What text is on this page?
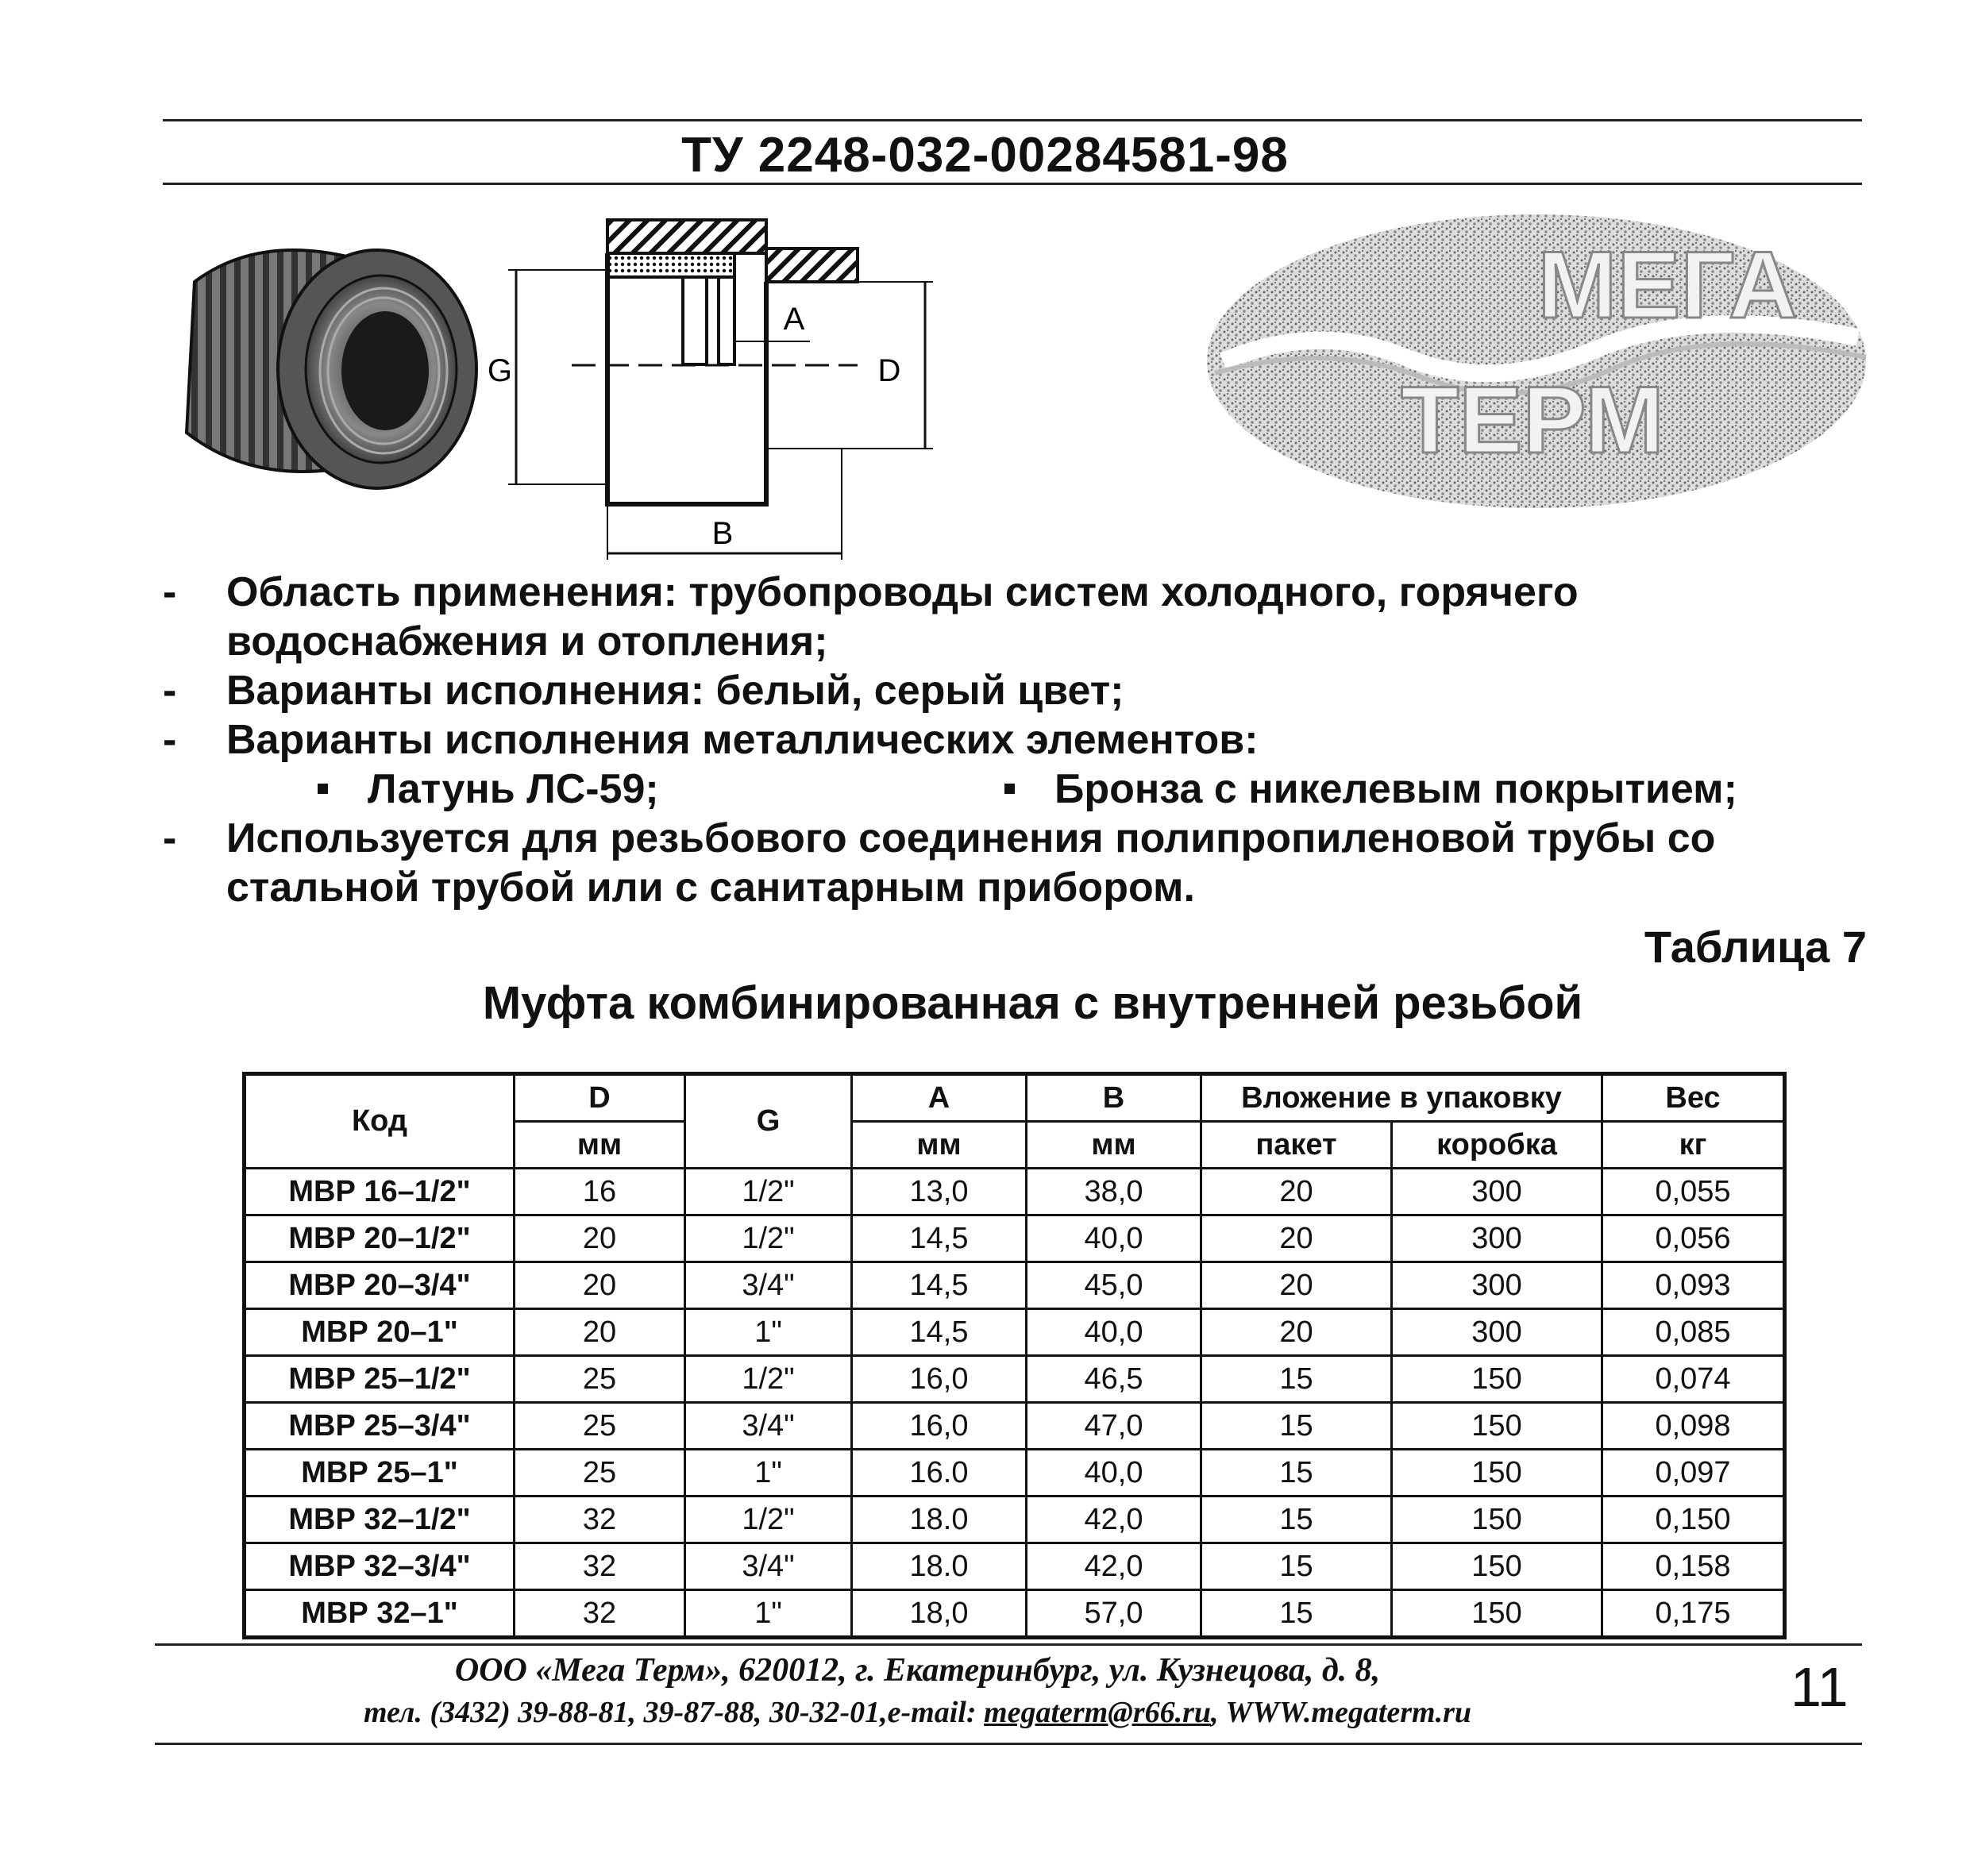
ТУ 2248-032-00284581-98
G	D
A
B
МЕГА
ТЕРМ
- Область применения: трубопроводы систем холодного, горячего
водоснабжения и отопления;
- Варианты исполнения: белый, серый цвет;
- Варианты исполнения металлических элементов:
Латунь ЛС-59;	Бронза с никелевым покрытием;
- Используется для резьбового соединения полипропиленовой трубы со
стальной трубой или с санитарным прибором.
Таблица 7
Муфта комбинированная с внутренней резьбой
Код	D	G	A	B	Вложение в упаковку		Вес
	мм		мм	мм	пакет	коробка	кг
МВР 16–1/2"	16	1/2"	13,0	38,0	20	300	0,055
МВР 20–1/2"	20	1/2"	14,5	40,0	20	300	0,056
МВР 20–3/4"	20	3/4"	14,5	45,0	20	300	0,093
МВР 20–1"	20	1"	14,5	40,0	20	300	0,085
МВР 25–1/2"	25	1/2"	16,0	46,5	15	150	0,074
МВР 25–3/4"	25	3/4"	16,0	47,0	15	150	0,098
МВР 25–1"	25	1"	16.0	40,0	15	150	0,097
МВР 32–1/2"	32	1/2"	18.0	42,0	15	150	0,150
МВР 32–3/4"	32	3/4"	18.0	42,0	15	150	0,158
МВР 32–1"	32	1"	18,0	57,0	15	150	0,175
ООО «Мега Терм», 620012, г. Екатеринбург, ул. Кузнецова, д. 8,
тел. (3432) 39-88-81, 39-87-88, 30-32-01,e-mail: megaterm@r66.ru, WWW.megaterm.ru	11
